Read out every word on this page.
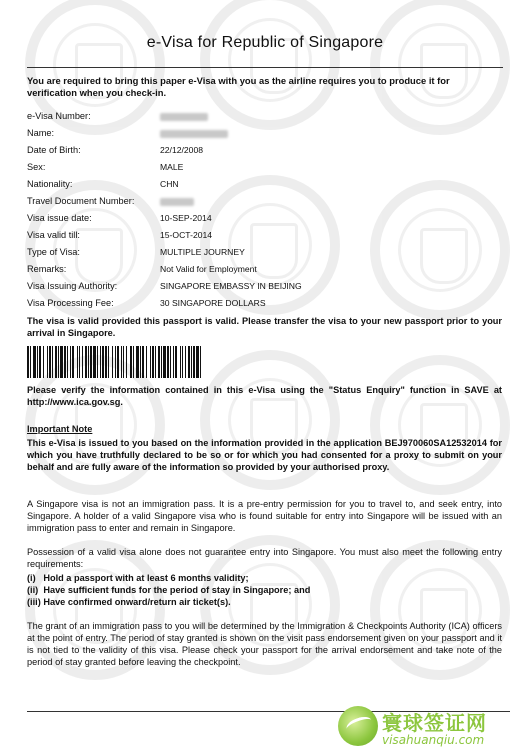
e-Visa for Republic of Singapore
You are required to bring this paper e-Visa with you as the airline requires you to produce it for verification when you check-in.
e-Visa Number:
Name:
Date of Birth:	22/12/2008
Sex:	MALE
Nationality:	CHN
Travel Document Number:
Visa issue date:	10-SEP-2014
Visa valid till:	15-OCT-2014
Type of Visa:	MULTIPLE JOURNEY
Remarks:	Not Valid for Employment
Visa Issuing Authority:	SINGAPORE EMBASSY IN BEIJING
Visa Processing Fee:	30 SINGAPORE DOLLARS
The visa is valid provided this passport is valid. Please transfer the visa to your new passport prior to your arrival in Singapore.
Please verify the information contained in this e-Visa using the "Status Enquiry" function in SAVE at http://www.ica.gov.sg.
Important Note
This e-Visa is issued to you based on the information provided in the application BEJ970060SA12532014 for which you have truthfully declared to be so or for which you had consented for a proxy to submit on your behalf and are fully aware of the information so provided by your authorised proxy.
A Singapore visa is not an immigration pass. It is a pre-entry permission for you to travel to, and seek entry, into Singapore. A holder of a valid Singapore visa who is found suitable for entry into Singapore will be issued with an immigration pass to enter and remain in Singapore.
Possession of a valid visa alone does not guarantee entry into Singapore. You must also meet the following entry requirements:
(i)   Hold a passport with at least 6 months validity;
(ii)  Have sufficient funds for the period of stay in Singapore; and
(iii) Have confirmed onward/return air ticket(s).
The grant of an immigration pass to you will be determined by the Immigration & Checkpoints Authority (ICA) officers at the point of entry. The period of stay granted is shown on the visit pass endorsement given on your passport and it is not tied to the validity of this visa. Please check your passport for the arrival endorsement and take note of the period of stay granted before leaving the checkpoint.
寰球签证网
visahuanqiu.com
